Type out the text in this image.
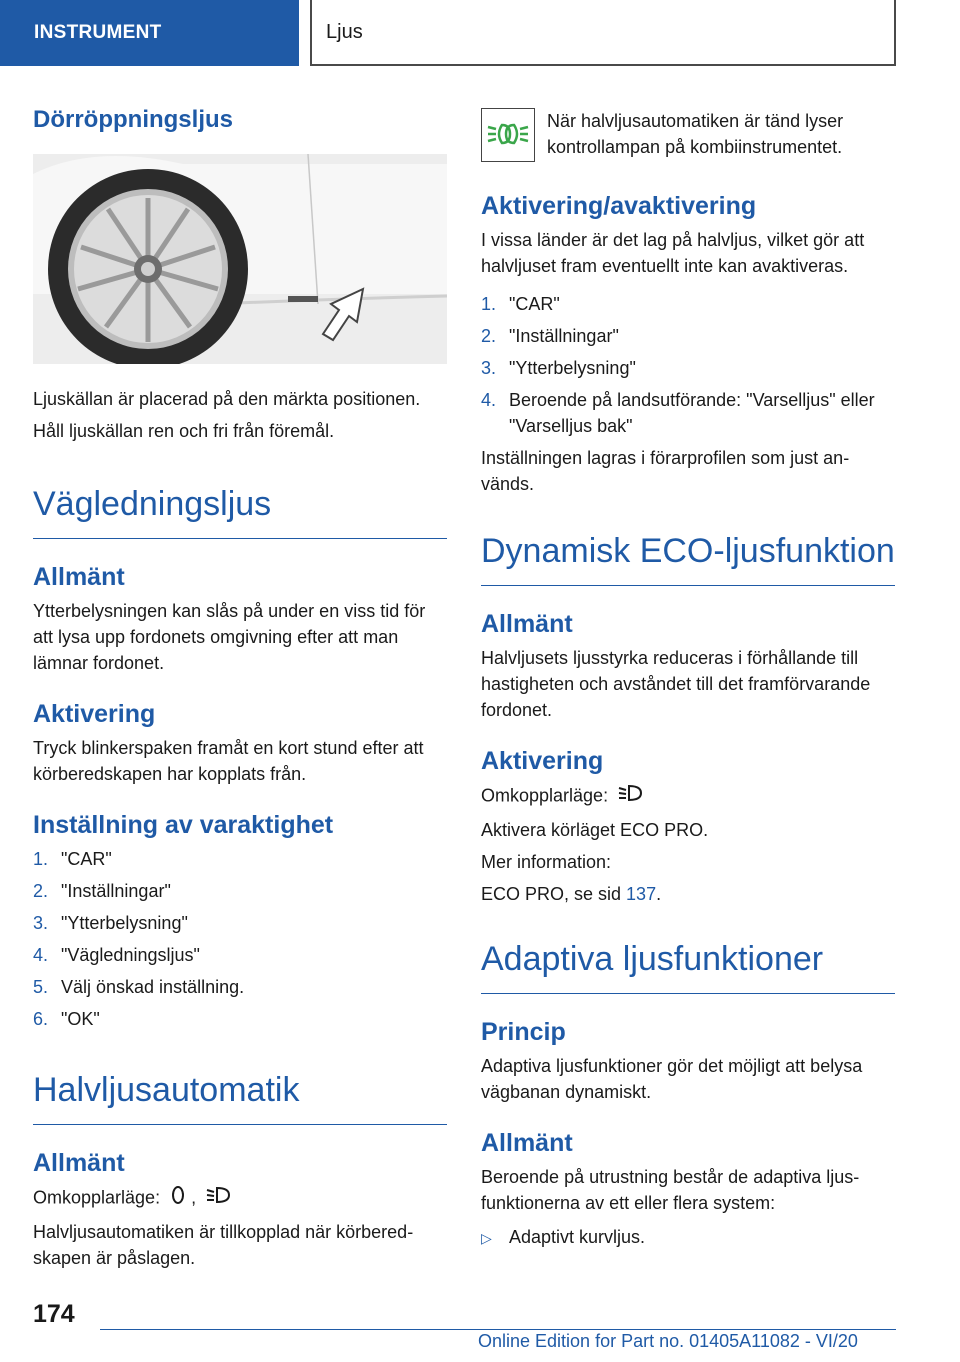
INSTRUMENT	Ljus
Dörröppningsljus

Ljuskällan är placerad på den märkta positionen.

Håll ljuskällan ren och fri från föremål.

Vägledningsljus
Allmänt

Ytterbelysningen kan slås på under en viss tid för att lysa upp fordonets omgivning efter att man lämnar fordonet.

Aktivering

Tryck blinkerspaken framåt en kort stund efter att körberedskapen har kopplats från.

Inställning av varaktighet
1. "CAR"
2. "Inställningar"
3. "Ytterbelysning"
4. "Vägledningsljus"
5. Välj önskad inställning.
6. "OK"
Halvljusautomatik
Allmänt

Omkopplarläge: ,

Halvljusautomatiken är tillkopplad när körberedskapen är påslagen.

När halvljusautomatiken är tänd lyser kontrollampan på kombiinstrumentet.

Aktivering/avaktivering

I vissa länder är det lag på halvljus, vilket gör att halvljuset fram eventuellt inte kan avaktiveras.

1. "CAR"
2. "Inställningar"
3. "Ytterbelysning"
4. Beroende på landsutförande: "Varselljus" eller "Varselljus bak"

Inställningen lagras i förarprofilen som just används.

Dynamisk ECO-ljusfunktion
Allmänt

Halvljusets ljusstyrka reduceras i förhållande till hastigheten och avståndet till det framförvarande fordonet.

Aktivering

Omkopplarläge:

Aktivera körläget ECO PRO.

Mer information:

ECO PRO, se sid 137.

Adaptiva ljusfunktioner
Princip

Adaptiva ljusfunktioner gör det möjligt att belysa vägbanan dynamiskt.

Allmänt

Beroende på utrustning består de adaptiva ljusfunktionerna av ett eller flera system:

▷ Adaptivt kurvljus.
174
Online Edition for Part no. 01405A11082 - VI/20
